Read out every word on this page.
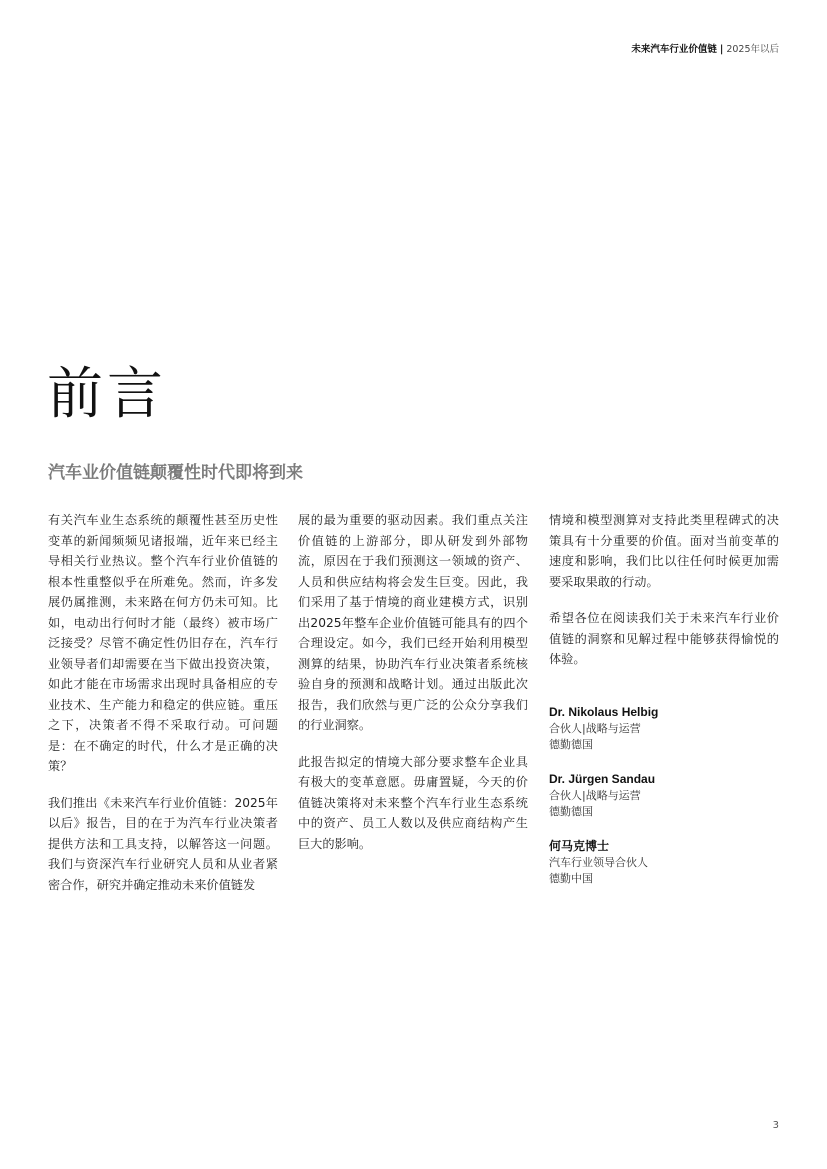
未来汽车行业价值链 | 2025年以后
前言
汽车业价值链颠覆性时代即将到来

有关汽车业生态系统的颠覆性甚至历史性变革的新闻频频见诸报端，近年来已经主导相关行业热议。整个汽车行业价值链的根本性重整似乎在所难免。然而，许多发展仍属推测，未来路在何方仍未可知。比如，电动出行何时才能（最终）被市场广泛接受？尽管不确定性仍旧存在，汽车行业领导者们却需要在当下做出投资决策，如此才能在市场需求出现时具备相应的专业技术、生产能力和稳定的供应链。重压之下，决策者不得不采取行动。可问题是：在不确定的时代，什么才是正确的决策？

我们推出《未来汽车行业价值链：2025年以后》报告，目的在于为汽车行业决策者提供方法和工具支持，以解答这一问题。我们与资深汽车行业研究人员和从业者紧密合作，研究并确定推动未来价值链发

展的最为重要的驱动因素。我们重点关注价值链的上游部分，即从研发到外部物流，原因在于我们预测这一领域的资产、人员和供应结构将会发生巨变。因此，我们采用了基于情境的商业建模方式，识别出2025年整车企业价值链可能具有的四个合理设定。如今，我们已经开始利用模型测算的结果，协助汽车行业决策者系统核验自身的预测和战略计划。通过出版此次报告，我们欣然与更广泛的公众分享我们的行业洞察。

此报告拟定的情境大部分要求整车企业具有极大的变革意愿。毋庸置疑，今天的价值链决策将对未来整个汽车行业生态系统中的资产、员工人数以及供应商结构产生巨大的影响。

情境和模型测算对支持此类里程碑式的决策具有十分重要的价值。面对当前变革的速度和影响，我们比以往任何时候更加需要采取果敢的行动。

希望各位在阅读我们关于未来汽车行业价值链的洞察和见解过程中能够获得愉悦的体验。

Dr. Nikolaus Helbig
合伙人|战略与运营
德勤德国
Dr. Jürgen Sandau
合伙人|战略与运营
德勤德国
何马克博士
汽车行业领导合伙人
德勤中国
3
